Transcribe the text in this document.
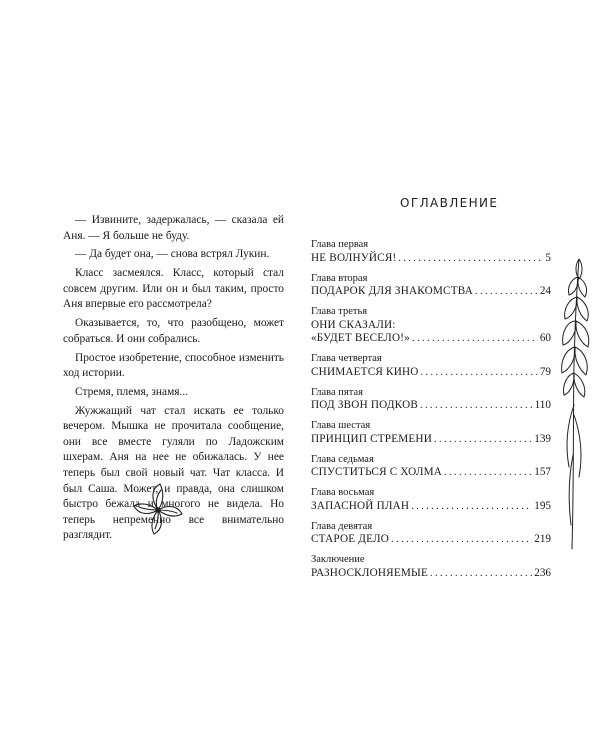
— Извините, задержалась, — сказала ей Аня. — Я больше не буду.

— Да будет она, — снова встрял Лукин.

Класс засмеялся. Класс, который стал совсем другим. Или он и был таким, просто Аня впервые его рассмотрела?

Оказывается, то, что разобщено, может собраться. И они собрались.

Простое изобретение, способное изменить ход истории.

Стремя, племя, знамя...

Жужжащий чат стал искать ее только вечером. Мышка не прочитала сообщение, они все вместе гуляли по Ладожским шхерам. Аня на нее не обижалась. У нее теперь был свой новый чат. Чат класса. И был Саша. Может, и правда, она слишком быстро бежала и многого не видела. Но теперь непременно все внимательно разглядит.

ОГЛАВЛЕНИЕ
Глава первая
НЕ ВОЛНУЙСЯ! . . .	5
Глава вторая
ПОДАРОК ДЛЯ ЗНАКОМСТВА . . .	24
Глава третья
ОНИ СКАЗАЛИ:
«БУДЕТ ВЕСЕЛО!» . . .	60
Глава четвертая
СНИМАЕТСЯ КИНО . . .	79
Глава пятая
ПОД ЗВОН ПОДКОВ . . .	110
Глава шестая
ПРИНЦИП СТРЕМЕНИ . . .	139
Глава седьмая
СПУСТИТЬСЯ С ХОЛМА . . .	157
Глава восьмая
ЗАПАСНОЙ ПЛАН . . .	195
Глава девятая
СТАРОЕ ДЕЛО . . .	219
Заключение
РАЗНОСКЛОНЯЕМЫЕ . . .	236
